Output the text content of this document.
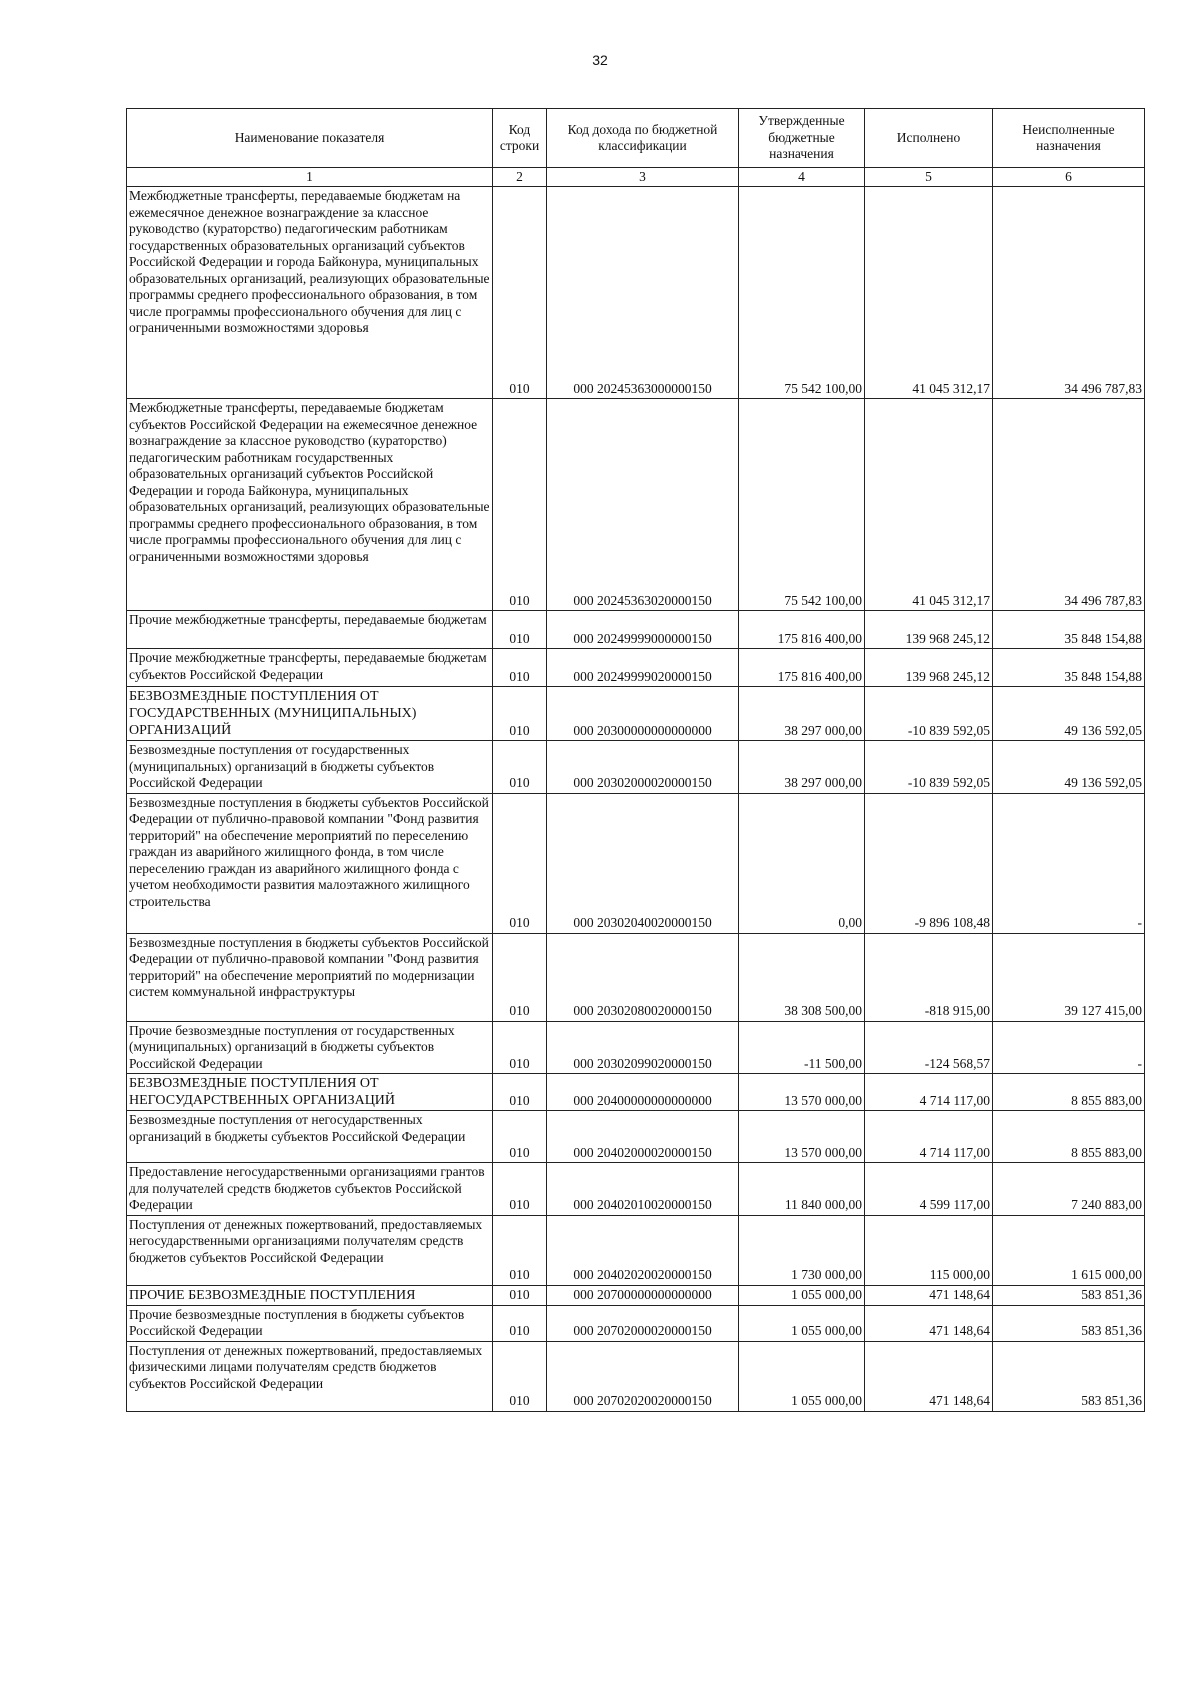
32
Наименование показателя	Код строки	Код дохода по бюджетной классификации	Утвержденные бюджетные назначения	Исполнено	Неисполненные назначения
1	2	3	4	5	6
Межбюджетные трансферты, передаваемые бюджетам на ежемесячное денежное вознаграждение за классное руководство (кураторство) педагогическим работникам государственных образовательных организаций субъектов Российской Федерации и города Байконура, муниципальных образовательных организаций, реализующих образовательные программы среднего профессионального образования, в том числе программы профессионального обучения для лиц с ограниченными возможностями здоровья	010	000 20245363000000150	75 542 100,00	41 045 312,17	34 496 787,83
Межбюджетные трансферты, передаваемые бюджетам субъектов Российской Федерации на ежемесячное денежное вознаграждение за классное руководство (кураторство) педагогическим работникам государственных образовательных организаций субъектов Российской Федерации и города Байконура, муниципальных образовательных организаций, реализующих образовательные программы среднего профессионального образования, в том числе программы профессионального обучения для лиц с ограниченными возможностями здоровья	010	000 20245363020000150	75 542 100,00	41 045 312,17	34 496 787,83
Прочие межбюджетные трансферты, передаваемые бюджетам	010	000 20249999000000150	175 816 400,00	139 968 245,12	35 848 154,88
Прочие межбюджетные трансферты, передаваемые бюджетам субъектов Российской Федерации	010	000 20249999020000150	175 816 400,00	139 968 245,12	35 848 154,88
БЕЗВОЗМЕЗДНЫЕ ПОСТУПЛЕНИЯ ОТ ГОСУДАРСТВЕННЫХ (МУНИЦИПАЛЬНЫХ) ОРГАНИЗАЦИЙ	010	000 20300000000000000	38 297 000,00	-10 839 592,05	49 136 592,05
Безвозмездные поступления от государственных (муниципальных) организаций в бюджеты субъектов Российской Федерации	010	000 20302000020000150	38 297 000,00	-10 839 592,05	49 136 592,05
Безвозмездные поступления в бюджеты субъектов Российской Федерации от публично-правовой компании "Фонд развития территорий" на обеспечение мероприятий по переселению граждан из аварийного жилищного фонда, в том числе переселению граждан из аварийного жилищного фонда с учетом необходимости развития малоэтажного жилищного строительства	010	000 20302040020000150	0,00	-9 896 108,48	-
Безвозмездные поступления в бюджеты субъектов Российской Федерации от публично-правовой компании "Фонд развития территорий" на обеспечение мероприятий по модернизации систем коммунальной инфраструктуры	010	000 20302080020000150	38 308 500,00	-818 915,00	39 127 415,00
Прочие безвозмездные поступления от государственных (муниципальных) организаций в бюджеты субъектов Российской Федерации	010	000 20302099020000150	-11 500,00	-124 568,57	-
БЕЗВОЗМЕЗДНЫЕ ПОСТУПЛЕНИЯ ОТ НЕГОСУДАРСТВЕННЫХ ОРГАНИЗАЦИЙ	010	000 20400000000000000	13 570 000,00	4 714 117,00	8 855 883,00
Безвозмездные поступления от негосударственных организаций в бюджеты субъектов Российской Федерации	010	000 20402000020000150	13 570 000,00	4 714 117,00	8 855 883,00
Предоставление негосударственными организациями грантов для получателей средств бюджетов субъектов Российской Федерации	010	000 20402010020000150	11 840 000,00	4 599 117,00	7 240 883,00
Поступления от денежных пожертвований, предоставляемых негосударственными организациями получателям средств бюджетов субъектов Российской Федерации	010	000 20402020020000150	1 730 000,00	115 000,00	1 615 000,00
ПРОЧИЕ БЕЗВОЗМЕЗДНЫЕ ПОСТУПЛЕНИЯ	010	000 20700000000000000	1 055 000,00	471 148,64	583 851,36
Прочие безвозмездные поступления в бюджеты субъектов Российской Федерации	010	000 20702000020000150	1 055 000,00	471 148,64	583 851,36
Поступления от денежных пожертвований, предоставляемых физическими лицами получателям средств бюджетов субъектов Российской Федерации	010	000 20702020020000150	1 055 000,00	471 148,64	583 851,36
